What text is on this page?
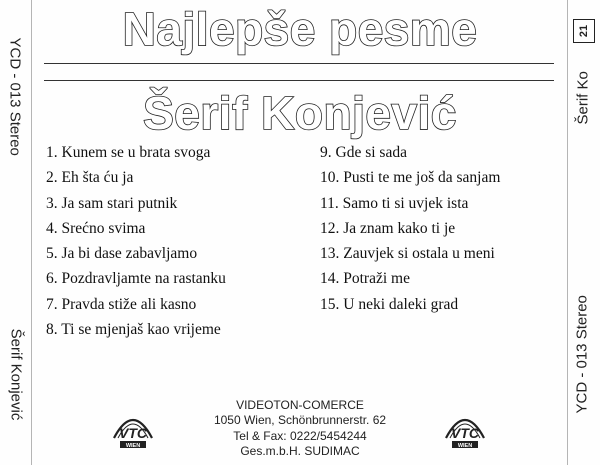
YCD - 013 Stereo
Šerif Konjević	YCD - 013 Stereo
Šerif Ko
21
Najlepše pesme
Šerif Konjević
1. Kunem se u brata svoga
2. Eh šta ću ja
3. Ja sam stari putnik
4. Srećno svima
5. Ja bi dase zabavljamo
6. Pozdravljamte na rastanku
7. Pravda stiže ali kasno
8. Ti se mjenjaš kao vrijeme
9. Gde si sada
10. Pusti te me još da sanjam
11. Samo ti si uvjek ista
12. Ja znam kako ti je
13. Zauvjek si ostala u meni
14. Potraži me
15. U neki daleki grad
VTC
WIEN
VIDEOTON-COMERCE
1050 Wien, Schönbrunnerstr. 62
Tel & Fax: 0222/5454244
Ges.m.b.H. SUDIMAC
VTC
WIEN
